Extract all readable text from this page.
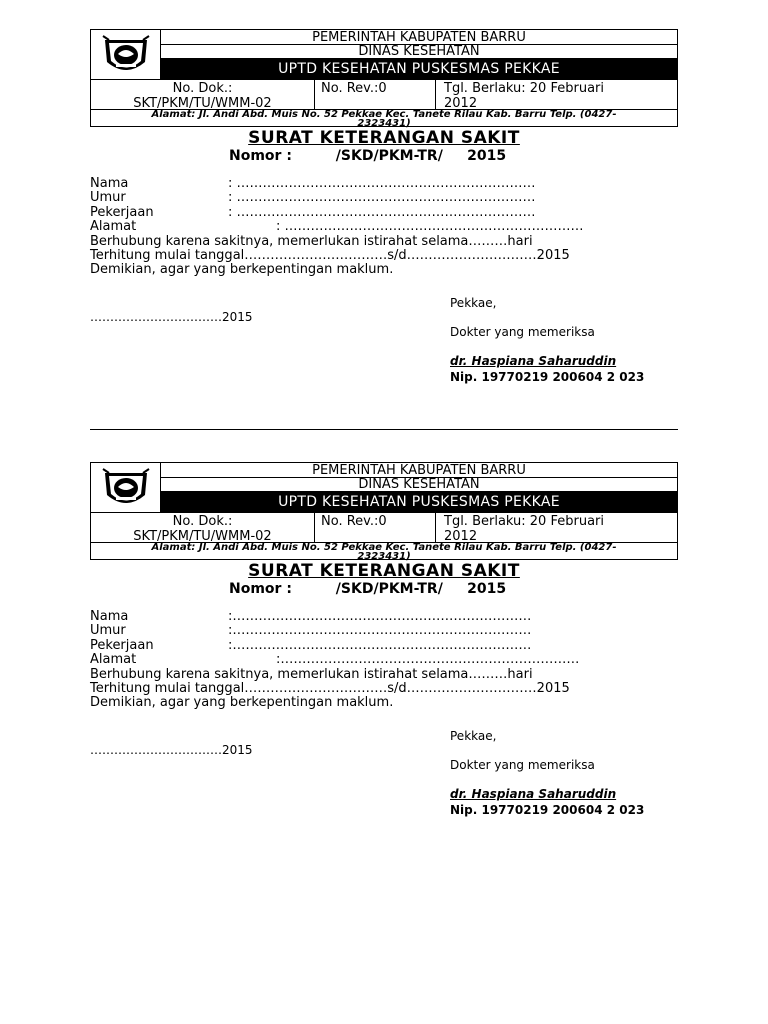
PEMERINTAH KABUPATEN BARRU
DINAS KESEHATAN
UPTD KESEHATAN PUSKESMAS PEKKAE
No. Dok.:
SKT/PKM/TU/WMM-02
No. Rev.:0	Tgl. Berlaku: 20 Februari
2012
Alamat: Jl. Andi Abd. Muis No. 52 Pekkae Kec. Tanete Rilau Kab. Barru Telp. (0427-
2323431)
SURAT KETERANGAN SAKIT
Nomor :         /SKD/PKM-TR/     2015
Nama	: ……………………………………………………………
Umur	: ……………………………………………………………
Pekerjaan	: ……………………………………………………………
Alamat	: ……………………………………………………………
Berhubung karena sakitnya, memerlukan istirahat selama………hari
Terhitung mulai tanggal……………………………s/d…………………………2015
Demikian, agar yang berkepentingan maklum.
Pekkae,
……………………………2015
Dokter yang memeriksa
dr. Haspiana Saharuddin
Nip. 19770219 200604 2 023
PEMERINTAH KABUPATEN BARRU
DINAS KESEHATAN
UPTD KESEHATAN PUSKESMAS PEKKAE
No. Dok.:
SKT/PKM/TU/WMM-02
No. Rev.:0	Tgl. Berlaku: 20 Februari
2012
Alamat: Jl. Andi Abd. Muis No. 52 Pekkae Kec. Tanete Rilau Kab. Barru Telp. (0427-
2323431)
SURAT KETERANGAN SAKIT
Nomor :         /SKD/PKM-TR/     2015
Nama	:……………………………………………………………
Umur	:……………………………………………………………
Pekerjaan	:……………………………………………………………
Alamat	:……………………………………………………………
Berhubung karena sakitnya, memerlukan istirahat selama………hari
Terhitung mulai tanggal……………………………s/d…………………………2015
Demikian, agar yang berkepentingan maklum.
Pekkae,
……………………………2015
Dokter yang memeriksa
dr. Haspiana Saharuddin
Nip. 19770219 200604 2 023
